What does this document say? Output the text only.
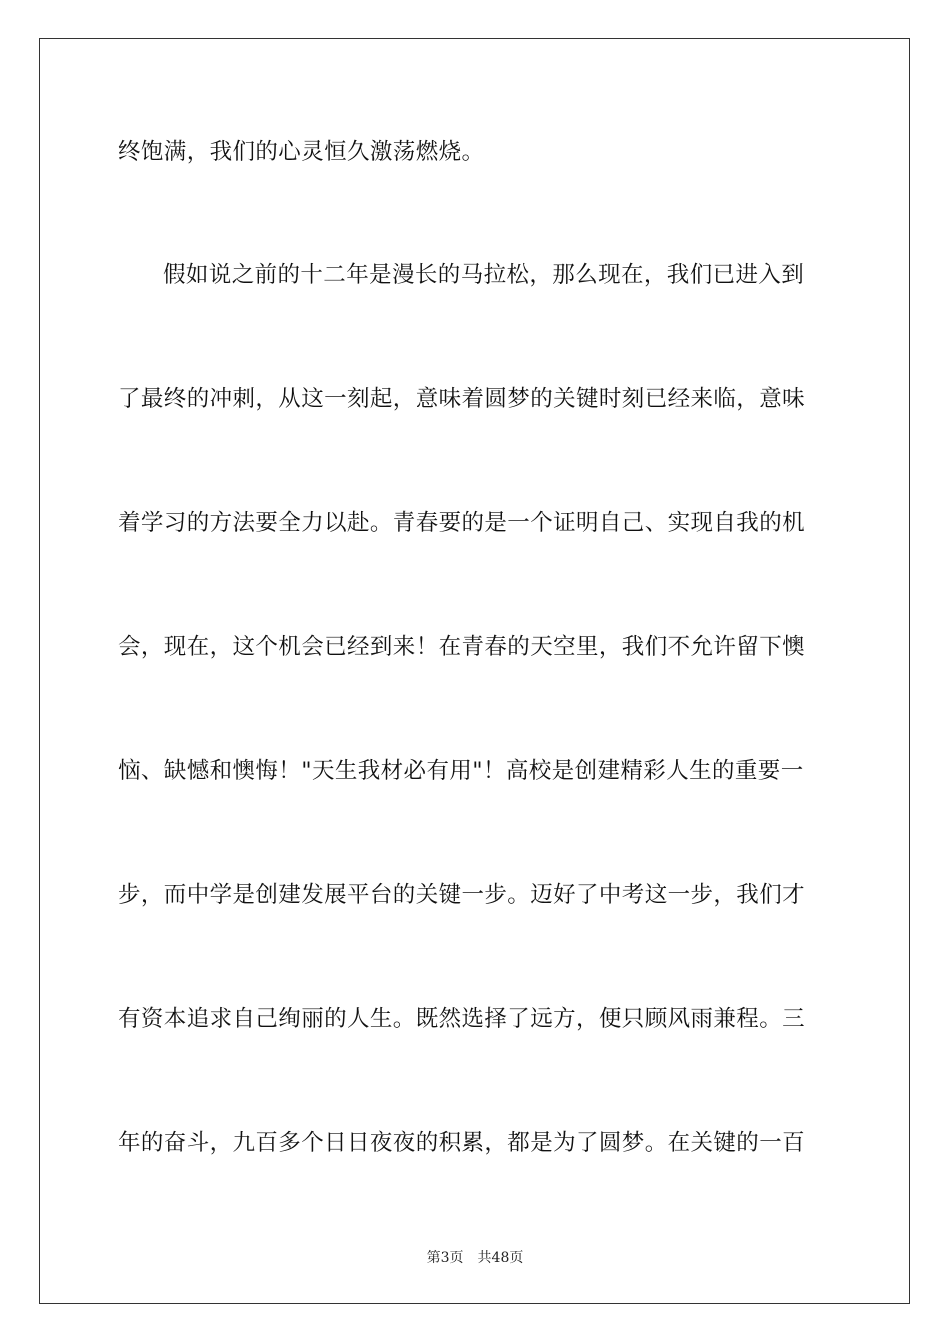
终饱满，我们的心灵恒久激荡燃烧。
假如说之前的十二年是漫长的马拉松，那么现在，我们已进入到
了最终的冲刺，从这一刻起，意味着圆梦的关键时刻已经来临，意味
着学习的方法要全力以赴。青春要的是一个证明自己、实现自我的机
会，现在，这个机会已经到来！在青春的天空里，我们不允许留下懊
恼、缺憾和懊悔！"天生我材必有用"！高校是创建精彩人生的重要一
步，而中学是创建发展平台的关键一步。迈好了中考这一步，我们才
有资本追求自己绚丽的人生。既然选择了远方，便只顾风雨兼程。三
年的奋斗，九百多个日日夜夜的积累，都是为了圆梦。在关键的一百
第3页 共48页
